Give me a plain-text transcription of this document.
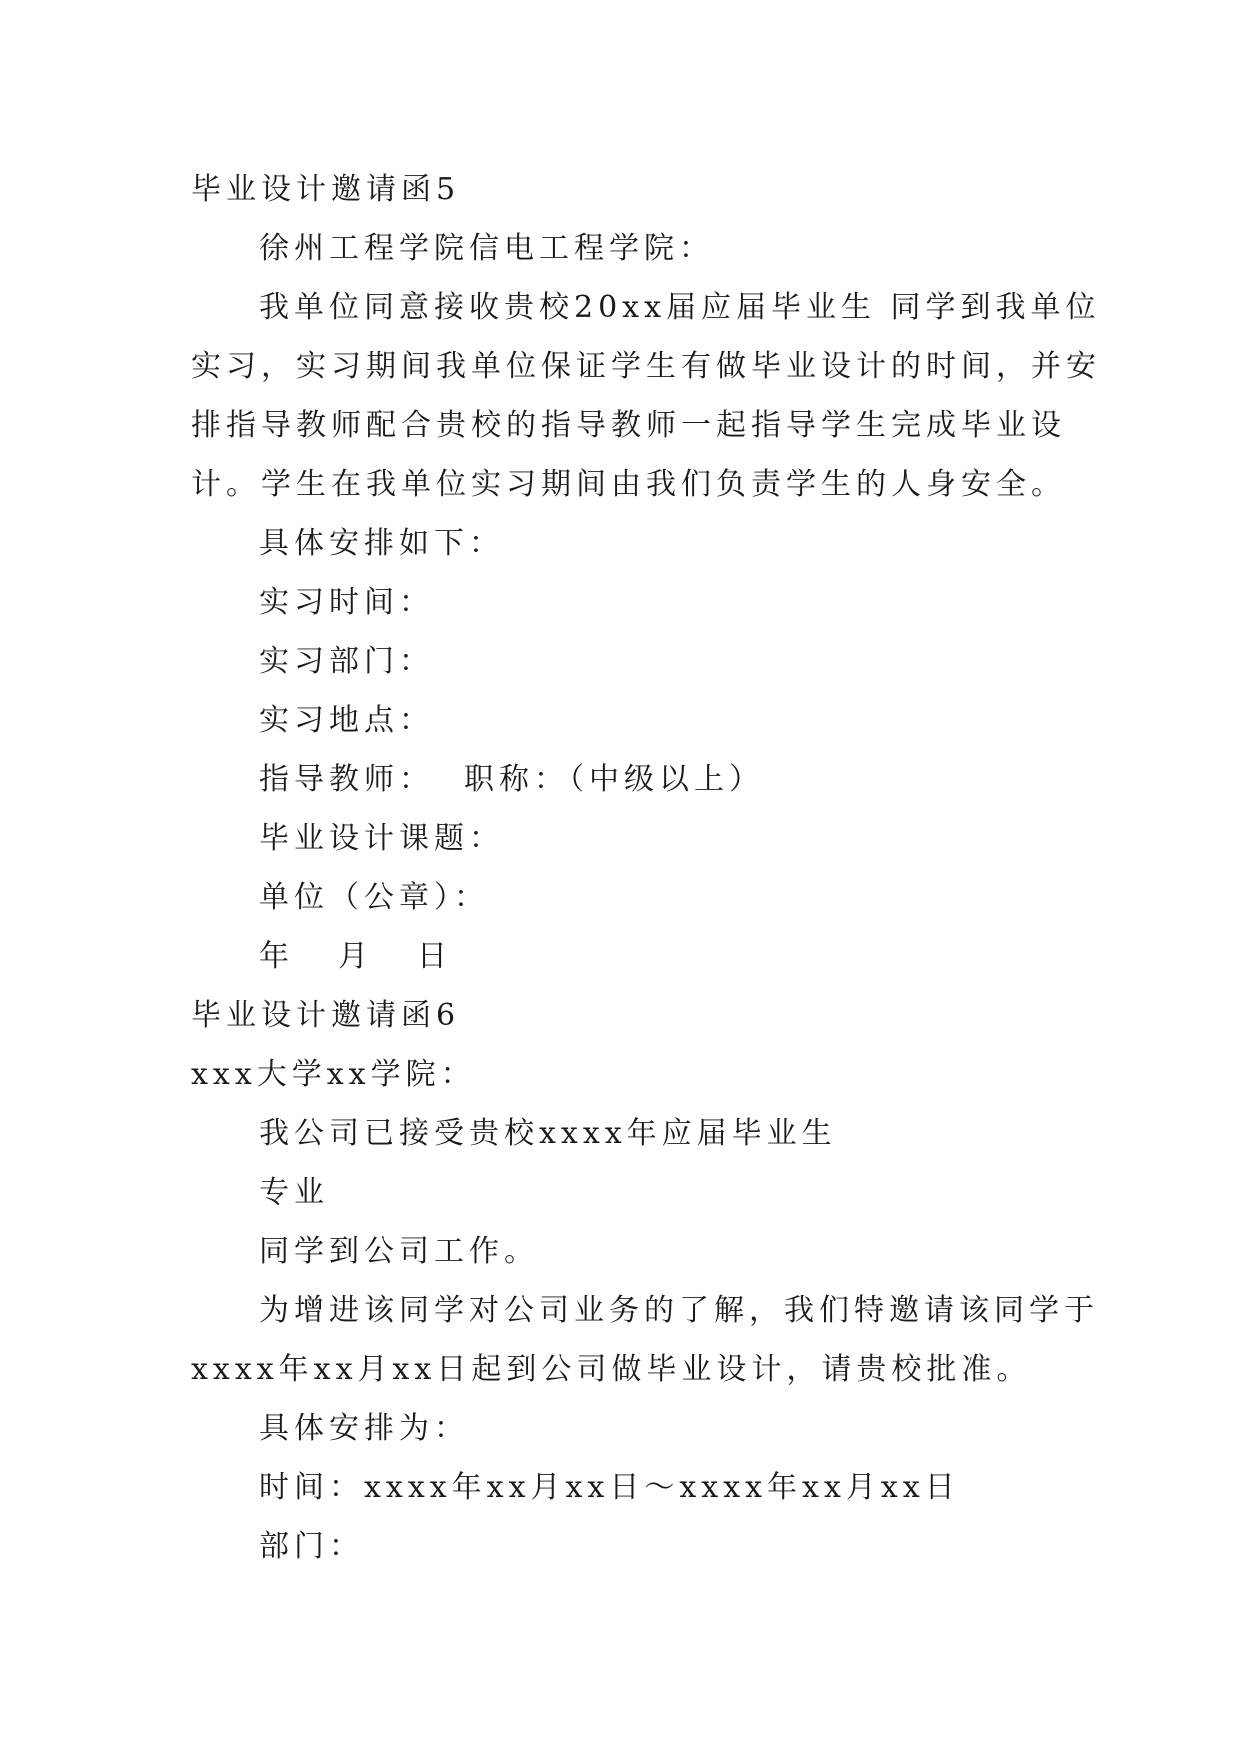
毕业设计邀请函5
徐州工程学院信电工程学院：
我单位同意接收贵校20xx届应届毕业生 同学到我单位
实习，实习期间我单位保证学生有做毕业设计的时间，并安
排指导教师配合贵校的指导教师一起指导学生完成毕业设
计。学生在我单位实习期间由我们负责学生的人身安全。
具体安排如下：
实习时间：
实习部门：
实习地点：
指导教师： 职称：（中级以上）
毕业设计课题：
单位（公章）：
年 月 日
毕业设计邀请函6
xxx大学xx学院：
我公司已接受贵校xxxx年应届毕业生
专业
同学到公司工作。
为增进该同学对公司业务的了解，我们特邀请该同学于
xxxx年xx月xx日起到公司做毕业设计，请贵校批准。
具体安排为：
时间：xxxx年xx月xx日～xxxx年xx月xx日
部门：
